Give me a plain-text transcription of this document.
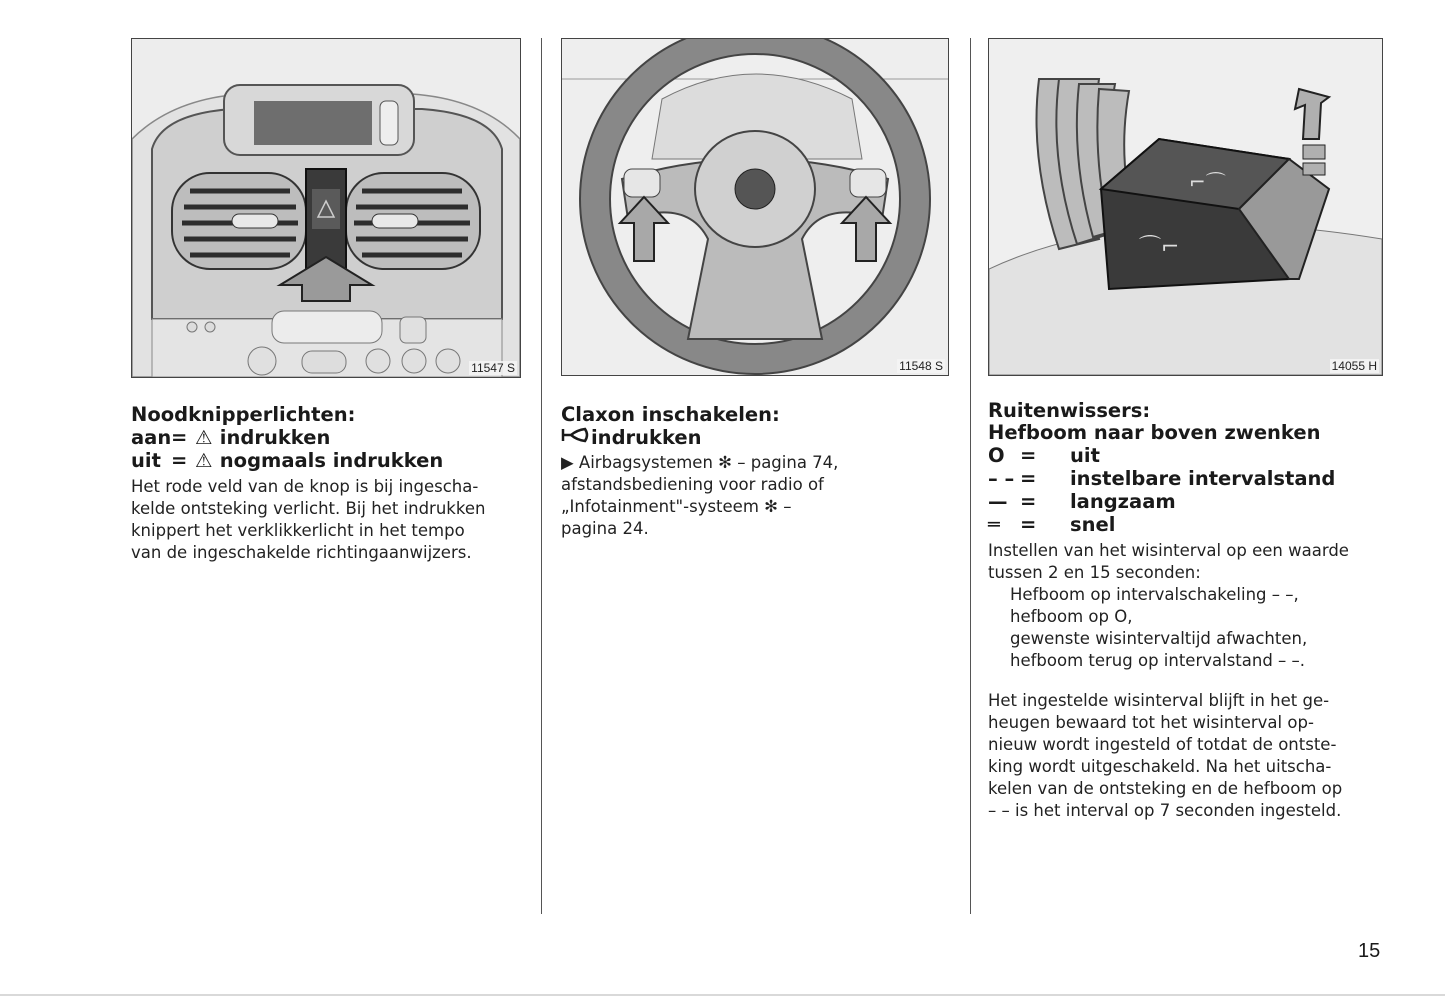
11547 S
Noodknipperlichten:
aan = ⚠
indrukken
uit = ⚠
nogmaals indrukken

Het rode veld van de knop is bij ingescha-

kelde ontsteking verlicht. Bij het indrukken

knippert het verklikkerlicht in het tempo

van de ingeschakelde richtingaanwijzers.

11548 S
Claxon inschakelen:
indrukken

▶ Airbagsystemen ✻ – pagina 74,

afstandsbediening voor radio of

„Infotainment"-systeem ✻ –

pagina 24.

⌒⌐
⌐⌒
14055 H
Ruitenwissers:
Hefboom naar boven zwenken
O =	uit
– – =	instelbare intervalstand
— =	langzaam
═	=	snel

Instellen van het wisinterval op een waarde

tussen 2 en 15 seconden:

Hefboom op intervalschakeling – –,

hefboom op O,

gewenste wisintervaltijd afwachten,

hefboom terug op intervalstand – –.

Het ingestelde wisinterval blijft in het ge-

heugen bewaard tot het wisinterval op-

nieuw wordt ingesteld of totdat de ontste-

king wordt uitgeschakeld. Na het uitscha-

kelen van de ontsteking en de hefboom op

– – is het interval op 7 seconden ingesteld.

15
